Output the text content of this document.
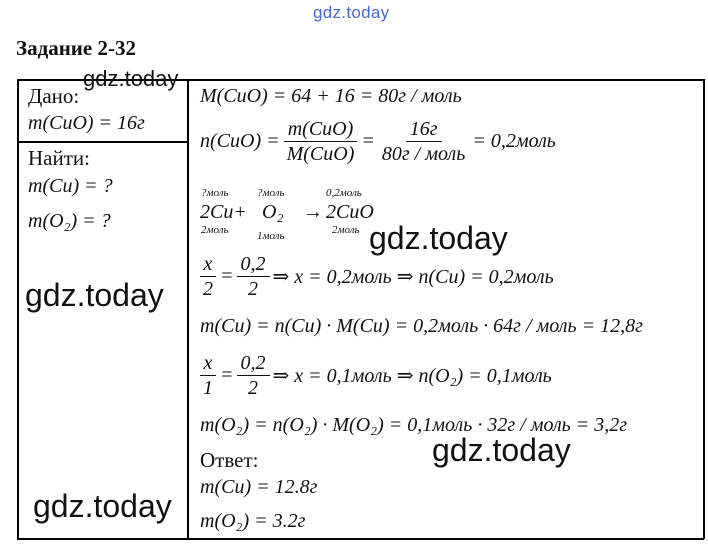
gdz.today
Задание 2-32
Дано:
m(CuO) = 16г
Найти:
m(Cu) = ?
m(O₂) = ?
M(CuO) = 64 + 16 = 80г / моль
$n(CuO) = \frac{\text{m(CuO)}}{\text{M(CuO)}} = \frac{16г}{\text{80г / моль}}$ = 0,2моль
?моль	?моль	0,2моль
2Cu+ O₂ → 2CuO
2моль	1моль	2моль
$\frac{x}{2} = \frac{0,2}{2}$ ⇒ x = 0,2моль ⇒ n(Cu) = 0,2моль
m(Cu) = n(Cu) · M(Cu) = 0,2моль · 64г / моль = 12,8г
$\frac{x}{1} = \frac{0,2}{2}$ ⇒ x = 0,1моль ⇒ n(O₂) = 0,1моль
m(O₂) = n(O₂) · M(O₂) = 0,1моль · 32г / моль = 3,2г
Ответ:
m(Cu) = 12.8г
m(O₂) = 3.2г
gdz.today
gdz.today
gdz.today
gdz.today
gdz.today
